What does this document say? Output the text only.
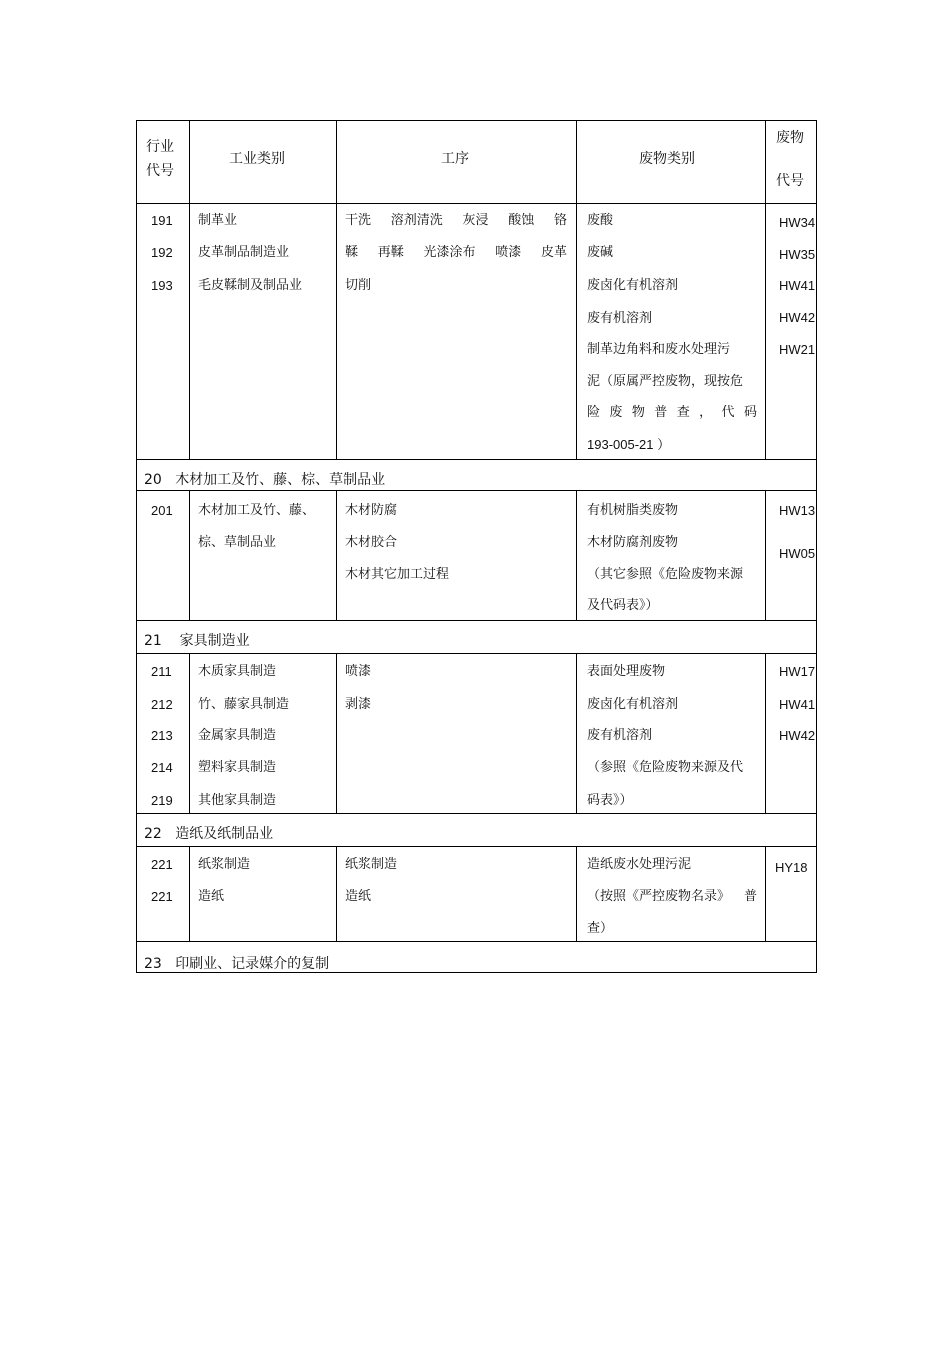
行业
代号
工业类别	工序	废物类别
废物
代号
191
192
193
制革业
皮革制品制造业
毛皮鞣制及制品业
干洗 溶剂清洗 灰浸 酸蚀 铬
鞣 再鞣 光漆涂布 喷漆 皮革
切削
废酸
废碱
废卤化有机溶剂
废有机溶剂
制革边角料和废水处理污
泥（原属严控废物，现按危
险 废 物 普 查 ， 代 码
193-005-21 ）
HW34
HW35
HW41
HW42
HW21
20 木材加工及竹、藤、棕、草制品业
201 木材加工及竹、藤、
棕、草制品业
木材防腐
木材胶合
木材其它加工过程
有机树脂类废物
木材防腐剂废物
（其它参照《危险废物来源
及代码表》）
HW13
HW05
21 家具制造业
211
212
213
214
219
木质家具制造
竹、藤家具制造
金属家具制造
塑料家具制造
其他家具制造
喷漆
剥漆
表面处理废物
废卤化有机溶剂
废有机溶剂
（参照《危险废物来源及代
码表》）
HW17
HW41
HW42
22 造纸及纸制品业
221
221
纸浆制造
造纸
纸浆制造
造纸
造纸废水处理污泥
（按照《严控废物名录》 普
查）
HY18
23 印刷业、记录媒介的复制
